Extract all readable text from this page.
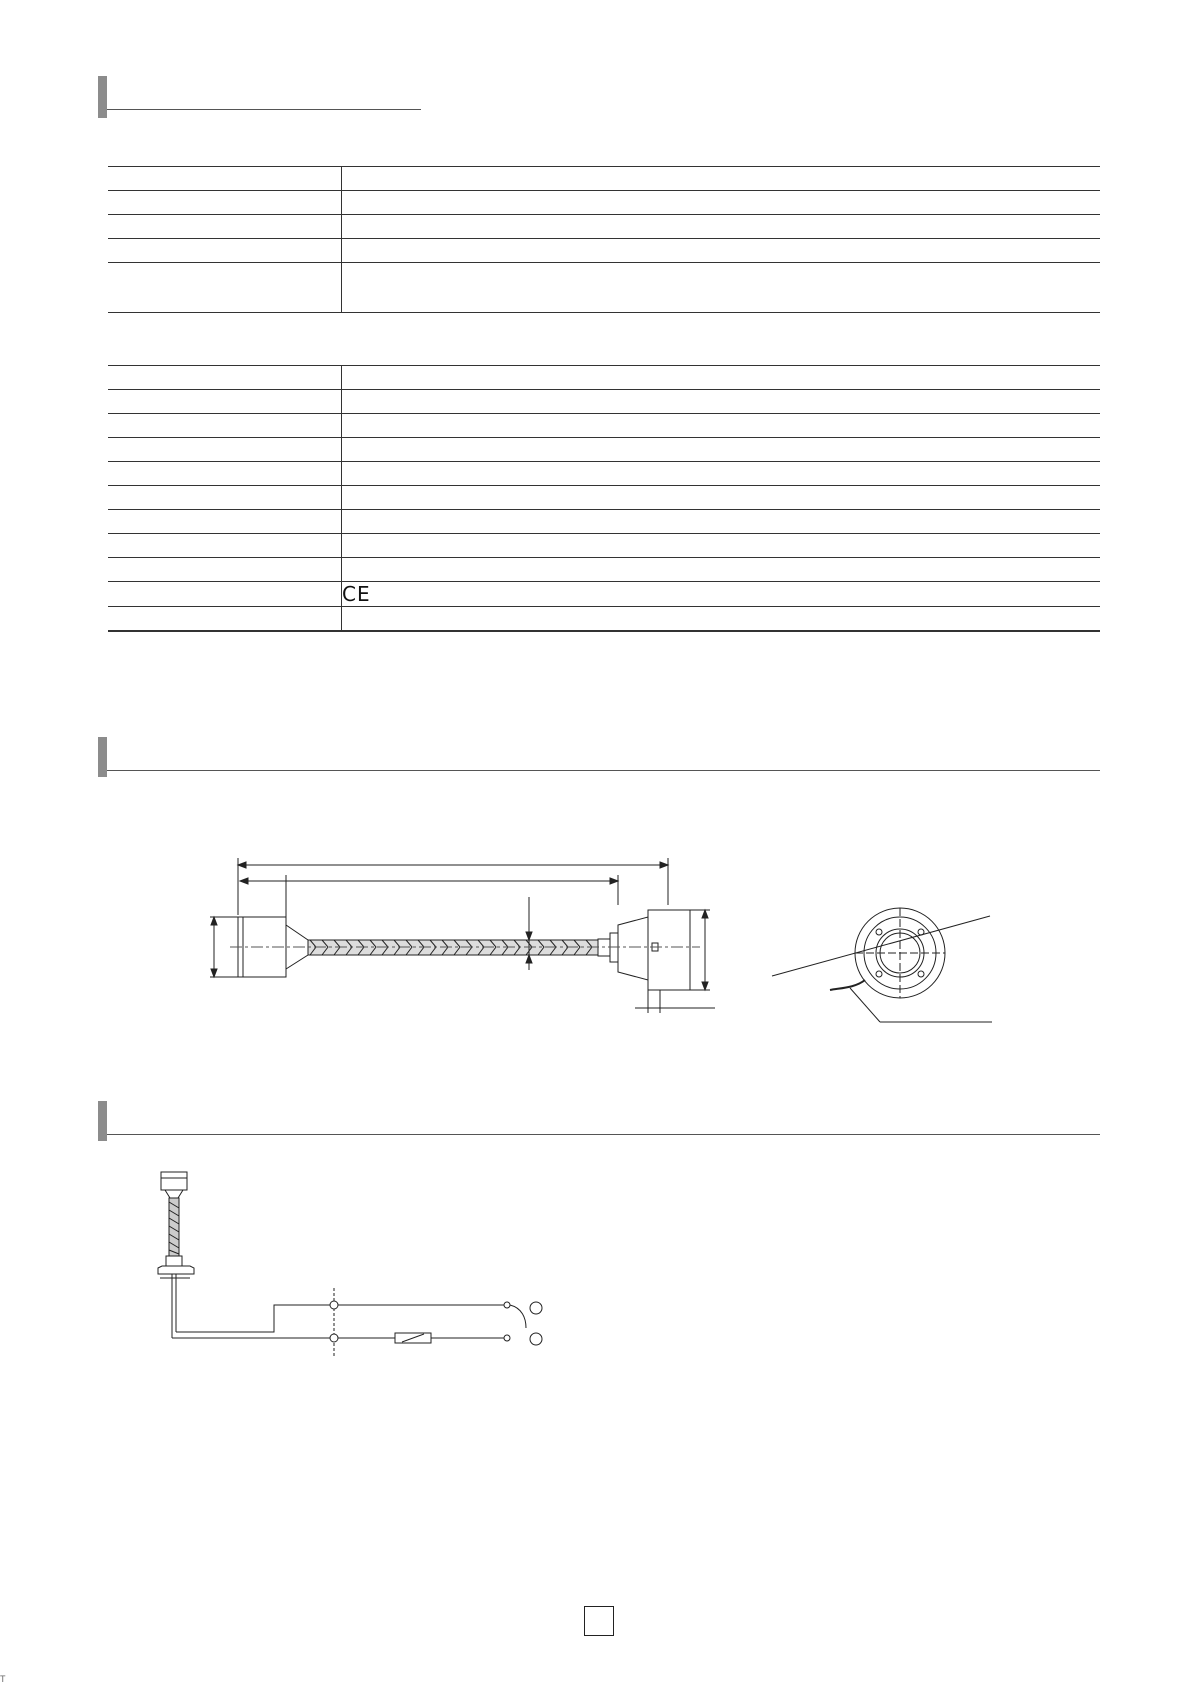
	CE

T
